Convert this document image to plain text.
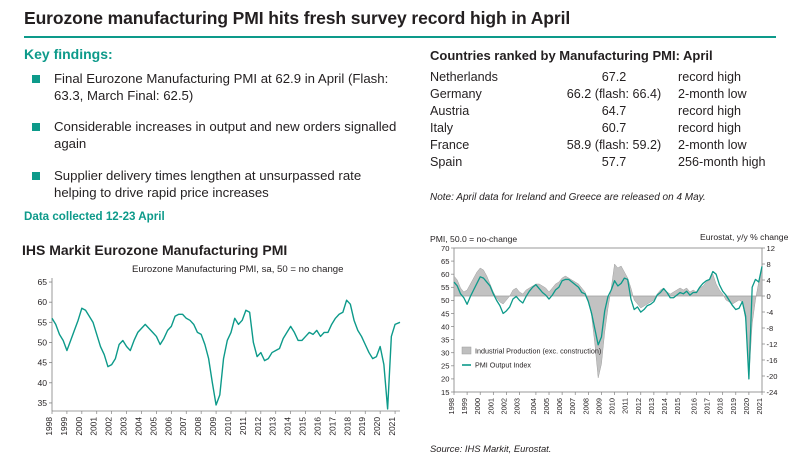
Eurozone manufacturing PMI hits fresh survey record high in April
Key findings:
Final Eurozone Manufacturing PMI at 62.9 in April (Flash: 63.3, March Final: 62.5)
Considerable increases in output and new orders signalled again
Supplier delivery times lengthen at unsurpassed rate helping to drive rapid price increases
Data collected 12-23 April
IHS Markit Eurozone Manufacturing PMI
Eurozone Manufacturing PMI, sa, 50 = no change
35
40
45
50
55
60
65
1998 1999 2000 2001 2002 2003 2004 2005 2006 2007 2008 2009 2010 2011 2012 2013 2014 2015 2016 2017 2018 2019 2020 2021
Countries ranked by Manufacturing PMI: April
Netherlands	67.2	record high
Germany	66.2 (flash: 66.4)	2-month low
Austria	64.7	record high
Italy	60.7	record high
France	58.9 (flash: 59.2)	2-month low
Spain	57.7	256-month high
Note: April data for Ireland and Greece are released on 4 May.
PMI, 50.0 = no-change	Eurostat, y/y % change
15
20
25
30
35
40
45
50
55
60
65
70
-24
-20
-16
-12
-8
-4
0
4
8
12
1998 1999 2000 2001 2002 2003 2004 2005 2006 2007 2008 2009 2010 2011 2012 2013 2014 2015 2016 2017 2018 2019 2020 2021
Industrial Production (exc. construction)
PMI Output Index
Source: IHS Markit, Eurostat.
